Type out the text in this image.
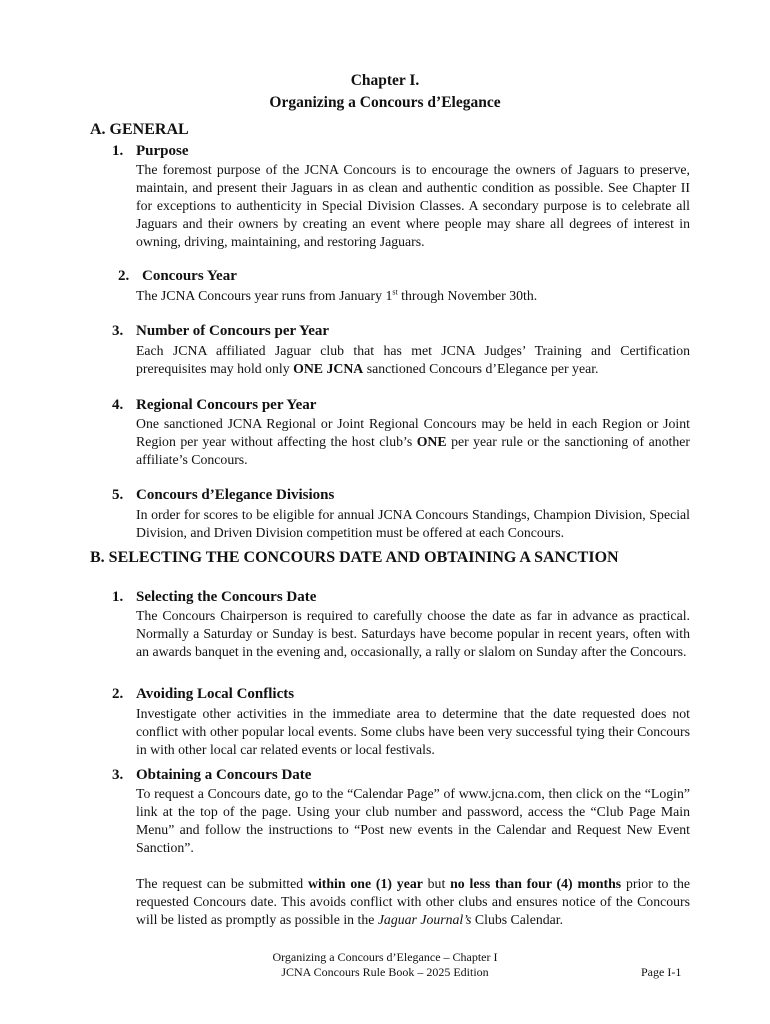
Chapter I.
Organizing a Concours d’Elegance
A. GENERAL
1. Purpose
The foremost purpose of the JCNA Concours is to encourage the owners of Jaguars to preserve, maintain, and present their Jaguars in as clean and authentic condition as possible. See Chapter II for exceptions to authenticity in Special Division Classes. A secondary purpose is to celebrate all Jaguars and their owners by creating an event where people may share all degrees of interest in owning, driving, maintaining, and restoring Jaguars.
2. Concours Year
The JCNA Concours year runs from January 1st through November 30th.
3. Number of Concours per Year
Each JCNA affiliated Jaguar club that has met JCNA Judges’ Training and Certification prerequisites may hold only ONE JCNA sanctioned Concours d’Elegance per year.
4. Regional Concours per Year
One sanctioned JCNA Regional or Joint Regional Concours may be held in each Region or Joint Region per year without affecting the host club’s ONE per year rule or the sanctioning of another affiliate’s Concours.
5. Concours d’Elegance Divisions
In order for scores to be eligible for annual JCNA Concours Standings, Champion Division, Special Division, and Driven Division competition must be offered at each Concours.
B. SELECTING THE CONCOURS DATE AND OBTAINING A SANCTION
1. Selecting the Concours Date
The Concours Chairperson is required to carefully choose the date as far in advance as practical. Normally a Saturday or Sunday is best. Saturdays have become popular in recent years, often with an awards banquet in the evening and, occasionally, a rally or slalom on Sunday after the Concours.
2. Avoiding Local Conflicts
Investigate other activities in the immediate area to determine that the date requested does not conflict with other popular local events. Some clubs have been very successful tying their Concours in with other local car related events or local festivals.
3. Obtaining a Concours Date
To request a Concours date, go to the “Calendar Page” of www.jcna.com, then click on the “Login” link at the top of the page. Using your club number and password, access the “Club Page Main Menu” and follow the instructions to “Post new events in the Calendar and Request New Event Sanction”.
The request can be submitted within one (1) year but no less than four (4) months prior to the requested Concours date. This avoids conflict with other clubs and ensures notice of the Concours will be listed as promptly as possible in the Jaguar Journal’s Clubs Calendar.
Organizing a Concours d’Elegance – Chapter I
JCNA Concours Rule Book – 2025 Edition	Page I-1
